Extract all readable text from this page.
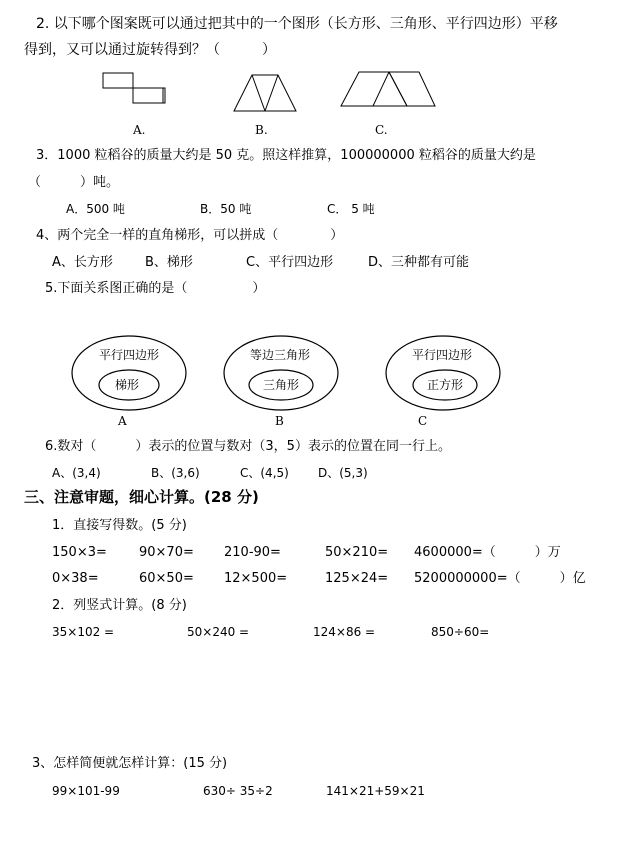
2. 以下哪个图案既可以通过把其中的一个图形（长方形、三角形、平行四边形）平移
得到，又可以通过旋转得到？（　　　）
A.	B.	C.
3．1000 粒稻谷的质量大约是 50 克。照这样推算，100000000 粒稻谷的质量大约是
（　　　）吨。
A．500 吨	B．50 吨	C． 5 吨
4、两个完全一样的直角梯形，可以拼成（　　　　）
A、长方形 B、梯形	C、平行四边形	D、三种都有可能
5.下面关系图正确的是（　　　　　）
平行四边形
梯形
A
等边三角形
三角形
B
平行四边形
正方形
C
6.数对（　　　）表示的位置与数对（3，5）表示的位置在同一行上。
A、(3,4)	B、(3,6)	C、(4,5) D、(5,3)
三、注意审题，细心计算。(28 分)
1．直接写得数。(5 分)
150×3= 90×70= 210-90=	50×210= 4600000=（　　　）万
0×38=	60×50= 12×500=	125×24= 5200000000=（　　　）亿
2．列竖式计算。(8 分)
35×102 =	50×240 =	124×86 =	850÷60=
3、怎样简便就怎样计算：(15 分)
99×101-99	630÷ 35÷2	141×21+59×21
